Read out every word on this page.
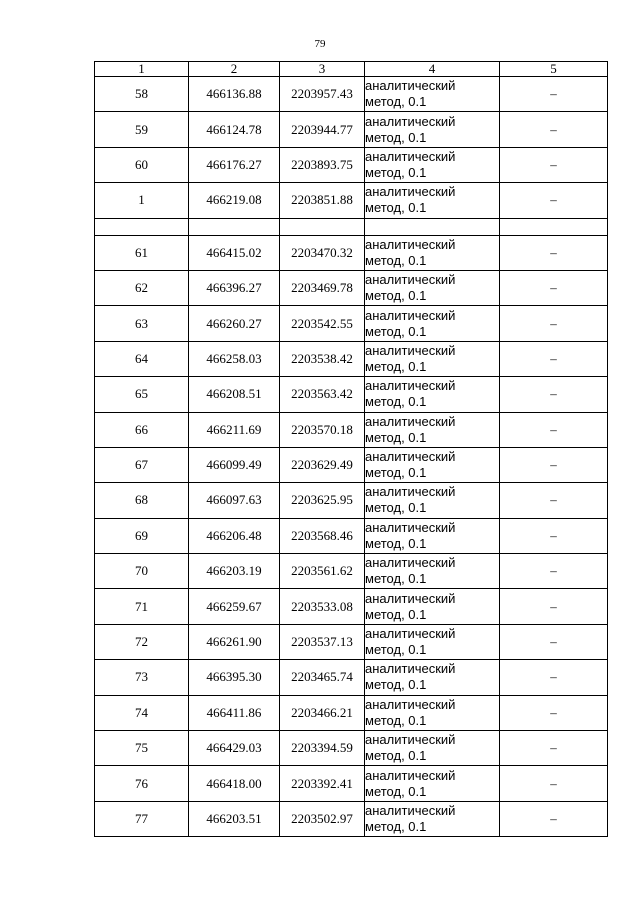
79
1	2	3	4	5
58	466136.88	2203957.43	аналитический
метод, 0.1	–
59	466124.78	2203944.77	аналитический
метод, 0.1	–
60	466176.27	2203893.75	аналитический
метод, 0.1	–
1	466219.08	2203851.88	аналитический
метод, 0.1	–

61	466415.02	2203470.32	аналитический
метод, 0.1	–
62	466396.27	2203469.78	аналитический
метод, 0.1	–
63	466260.27	2203542.55	аналитический
метод, 0.1	–
64	466258.03	2203538.42	аналитический
метод, 0.1	–
65	466208.51	2203563.42	аналитический
метод, 0.1	–
66	466211.69	2203570.18	аналитический
метод, 0.1	–
67	466099.49	2203629.49	аналитический
метод, 0.1	–
68	466097.63	2203625.95	аналитический
метод, 0.1	–
69	466206.48	2203568.46	аналитический
метод, 0.1	–
70	466203.19	2203561.62	аналитический
метод, 0.1	–
71	466259.67	2203533.08	аналитический
метод, 0.1	–
72	466261.90	2203537.13	аналитический
метод, 0.1	–
73	466395.30	2203465.74	аналитический
метод, 0.1	–
74	466411.86	2203466.21	аналитический
метод, 0.1	–
75	466429.03	2203394.59	аналитический
метод, 0.1	–
76	466418.00	2203392.41	аналитический
метод, 0.1	–
77	466203.51	2203502.97	аналитический
метод, 0.1	–
